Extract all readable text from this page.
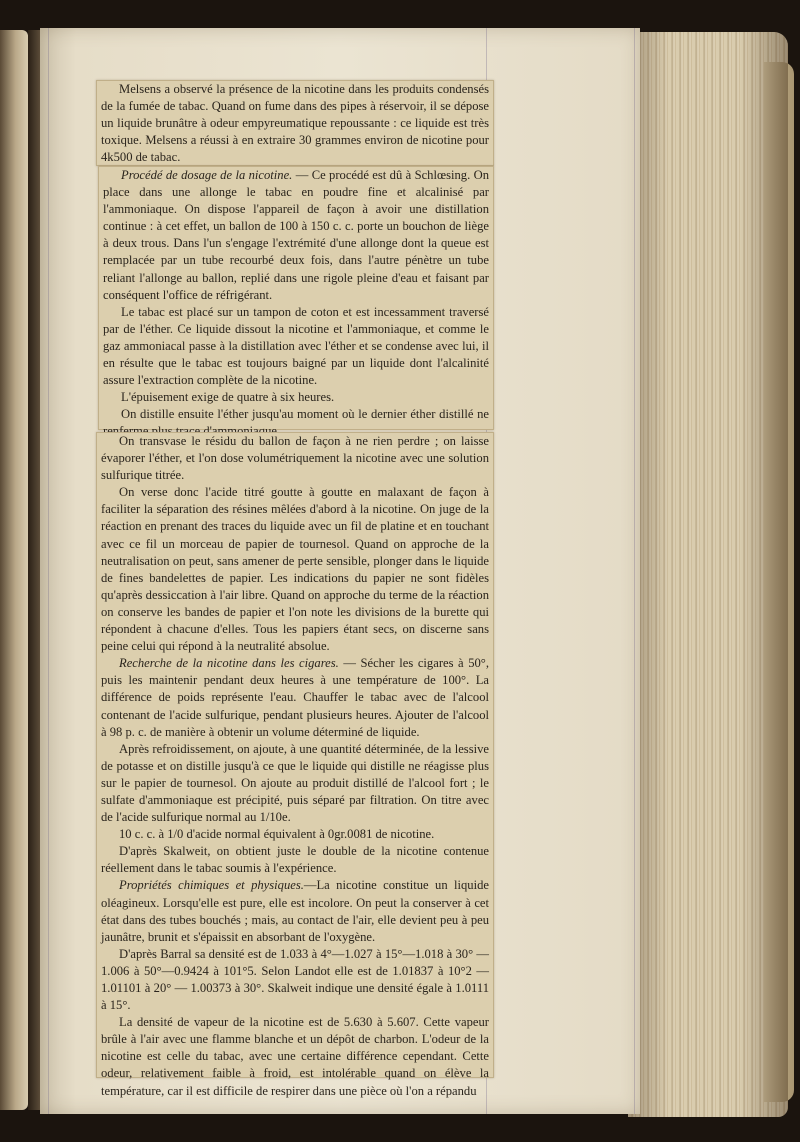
Melsens a observé la présence de la nicotine dans les produits condensés de la fumée de tabac. Quand on fume dans des pipes à réservoir, il se dépose un liquide brunâtre à odeur empyreumatique repoussante : ce liquide est très toxique. Melsens a réussi à en extraire 30 grammes environ de nicotine pour 4k500 de tabac.

Procédé de dosage de la nicotine. — Ce procédé est dû à Schlœsing. On place dans une allonge le tabac en poudre fine et alcalinisé par l'ammoniaque. On dispose l'appareil de façon à avoir une distillation continue : à cet effet, un ballon de 100 à 150 c. c. porte un bouchon de liège à deux trous. Dans l'un s'engage l'extrémité d'une allonge dont la queue est remplacée par un tube recourbé deux fois, dans l'autre pénètre un tube reliant l'allonge au ballon, replié dans une rigole pleine d'eau et faisant par conséquent l'office de réfrigérant.

Le tabac est placé sur un tampon de coton et est incessamment traversé par de l'éther. Ce liquide dissout la nicotine et l'ammoniaque, et comme le gaz ammoniacal passe à la distillation avec l'éther et se condense avec lui, il en résulte que le tabac est toujours baigné par un liquide dont l'alcalinité assure l'extraction complète de la nicotine.

L'épuisement exige de quatre à six heures.

On distille ensuite l'éther jusqu'au moment où le dernier éther distillé ne

On transvase le résidu du ballon de façon à ne rien perdre ; on laisse évaporer l'éther, et l'on dose volumétriquement la nicotine avec une solution sulfurique titrée.

On verse donc l'acide titré goutte à goutte en malaxant de façon à faciliter la séparation des résines mêlées d'abord à la nicotine. On juge de la réaction en prenant des traces du liquide avec un fil de platine et en touchant avec ce fil un morceau de papier de tournesol. Quand on approche de la neutralisation on peut, sans amener de perte sensible, plonger dans le liquide de fines bandelettes de papier. Les indications du papier ne sont fidèles qu'après dessiccation à l'air libre. Quand on approche du terme de la réaction on conserve les bandes de papier et l'on note les divisions de la burette qui répondent à chacune d'elles. Tous les papiers étant secs, on discerne sans peine celui qui répond à la neutralité absolue.

Recherche de la nicotine dans les cigares. — Sécher les cigares à 50°, puis les maintenir pendant deux heures à une température de 100°. La différence de poids représente l'eau. Chauffer le tabac avec de l'alcool contenant de l'acide sulfurique, pendant plusieurs heures. Ajouter de l'alcool à 98 p. c. de manière à obtenir un volume déterminé de liquide.

Après refroidissement, on ajoute, à une quantité déterminée, de la lessive de potasse et on distille jusqu'à ce que le liquide qui distille ne réagisse plus sur le papier de tournesol. On ajoute au produit distillé de l'alcool fort ; le sulfate d'ammoniaque est précipité, puis séparé par filtration. On titre avec de l'acide sulfurique normal au 1/10e.

10 c. c. à 1/0 d'acide normal équivalent à 0gr.0081 de nicotine.

D'après Skalweit, on obtient juste le double de la nicotine contenue réellement dans le tabac soumis à l'expérience.

Propriétés chimiques et physiques.—La nicotine constitue un liquide oléagineux. Lorsqu'elle est pure, elle est incolore. On peut la conserver à cet état dans des tubes bouchés ; mais, au contact de l'air, elle devient peu à peu jaunâtre, brunit et s'épaissit en absorbant de l'oxygène.

D'après Barral sa densité est de 1.033 à 4°—1.027 à 15°—1.018 à 30° —1.006 à 50°—0.9424 à 101°5. Selon Landot elle est de 1.01837 à 10°2 — 1.01101 à 20° — 1.00373 à 30°. Skalweit indique une densité égale à 1.0111 à 15°.

La densité de vapeur de la nicotine est de 5.630 à 5.607. Cette vapeur brûle à l'air avec une flamme blanche et un dépôt de charbon. L'odeur de la nicotine est celle du tabac, avec une certaine différence cependant. Cette odeur, relativement faible à froid, est intolérable quand on élève la température, car il est difficile de respirer dans une pièce où l'on a répandu
